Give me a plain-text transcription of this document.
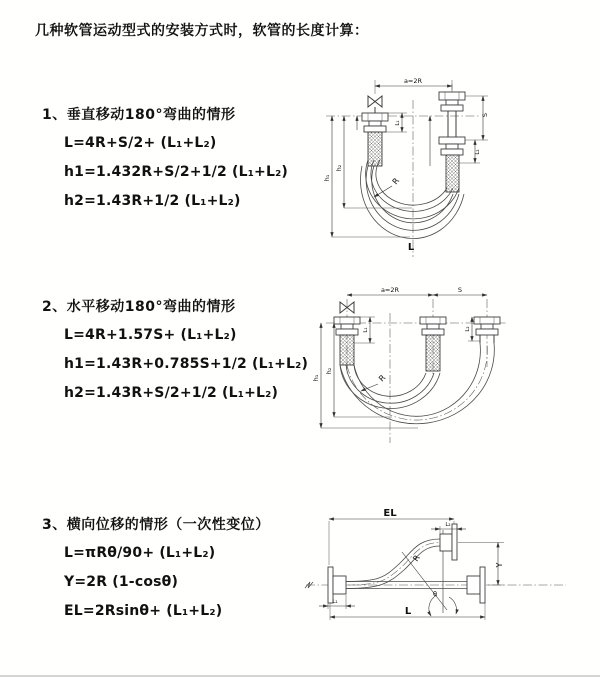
几种软管运动型式的安装方式时，软管的长度计算：
1、垂直移动180°弯曲的情形
L=4R+S/2+ (L₁+L₂)
h1=1.432R+S/2+1/2 (L₁+L₂)
h2=1.43R+1/2 (L₁+L₂)
2、水平移动180°弯曲的情形
L=4R+1.57S+ (L₁+L₂)
h1=1.43R+0.785S+1/2 (L₁+L₂)
h2=1.43R+S/2+1/2 (L₁+L₂)
3、横向位移的情形（一次性变位）
L=πRθ/90+ (L₁+L₂)
Y=2R (1-cosθ)
EL=2Rsinθ+ (L₁+L₂)
a=2R
R
h₁
h₂
L₁
S
L₂
L
a=2R	S
R
h₁
h₂
L₁	L₂
EL
L₂
Y
R
θ
L₁
L
